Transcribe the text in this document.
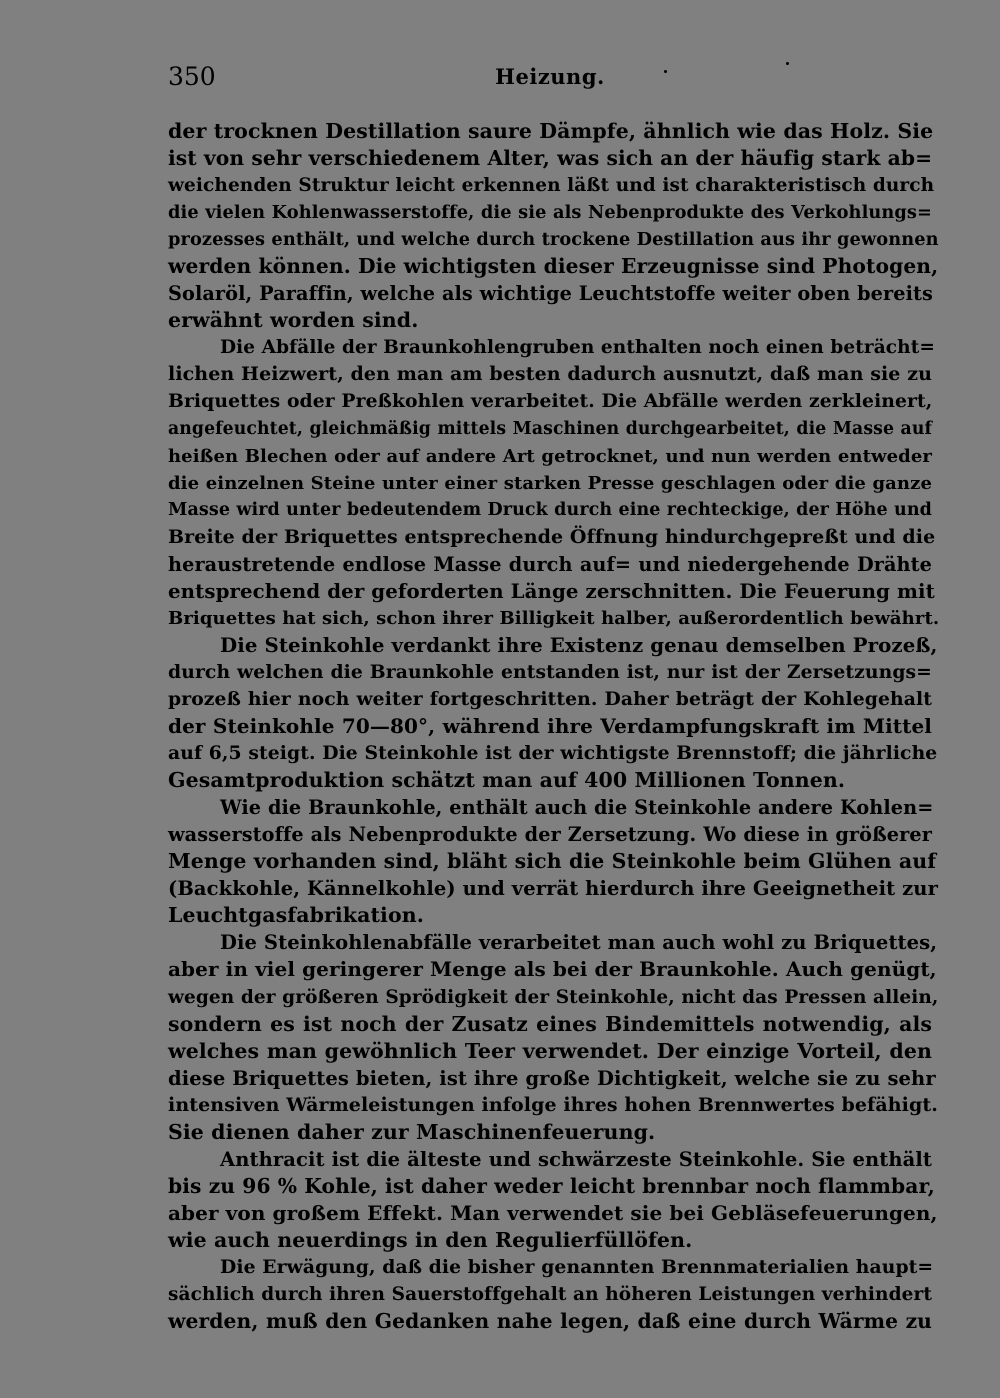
350	Heizung.
der trocknen Destillation saure Dämpfe, ähnlich wie das Holz. Sie
ist von sehr verschiedenem Alter, was sich an der häufig stark ab=
weichenden Struktur leicht erkennen läßt und ist charakteristisch durch
die vielen Kohlenwasserstoffe, die sie als Nebenprodukte des Verkohlungs=
prozesses enthält, und welche durch trockene Destillation aus ihr gewonnen
werden können. Die wichtigsten dieser Erzeugnisse sind Photogen,
Solaröl, Paraffin, welche als wichtige Leuchtstoffe weiter oben bereits
erwähnt worden sind.
Die Abfälle der Braunkohlengruben enthalten noch einen beträcht=
lichen Heizwert, den man am besten dadurch ausnutzt, daß man sie zu
Briquettes oder Preßkohlen verarbeitet. Die Abfälle werden zerkleinert,
angefeuchtet, gleichmäßig mittels Maschinen durchgearbeitet, die Masse auf
heißen Blechen oder auf andere Art getrocknet, und nun werden entweder
die einzelnen Steine unter einer starken Presse geschlagen oder die ganze
Masse wird unter bedeutendem Druck durch eine rechteckige, der Höhe und
Breite der Briquettes entsprechende Öffnung hindurchgepreßt und die
heraustretende endlose Masse durch auf= und niedergehende Drähte
entsprechend der geforderten Länge zerschnitten. Die Feuerung mit
Briquettes hat sich, schon ihrer Billigkeit halber, außerordentlich bewährt.
Die Steinkohle verdankt ihre Existenz genau demselben Prozeß,
durch welchen die Braunkohle entstanden ist, nur ist der Zersetzungs=
prozeß hier noch weiter fortgeschritten. Daher beträgt der Kohlegehalt
der Steinkohle 70—80°, während ihre Verdampfungskraft im Mittel
auf 6,5 steigt. Die Steinkohle ist der wichtigste Brennstoff; die jährliche
Gesamtproduktion schätzt man auf 400 Millionen Tonnen.
Wie die Braunkohle, enthält auch die Steinkohle andere Kohlen=
wasserstoffe als Nebenprodukte der Zersetzung. Wo diese in größerer
Menge vorhanden sind, bläht sich die Steinkohle beim Glühen auf
(Backkohle, Kännelkohle) und verrät hierdurch ihre Geeignetheit zur
Leuchtgasfabrikation.
Die Steinkohlenabfälle verarbeitet man auch wohl zu Briquettes,
aber in viel geringerer Menge als bei der Braunkohle. Auch genügt,
wegen der größeren Sprödigkeit der Steinkohle, nicht das Pressen allein,
sondern es ist noch der Zusatz eines Bindemittels notwendig, als
welches man gewöhnlich Teer verwendet. Der einzige Vorteil, den
diese Briquettes bieten, ist ihre große Dichtigkeit, welche sie zu sehr
intensiven Wärmeleistungen infolge ihres hohen Brennwertes befähigt.
Sie dienen daher zur Maschinenfeuerung.
Anthracit ist die älteste und schwärzeste Steinkohle. Sie enthält
bis zu 96 % Kohle, ist daher weder leicht brennbar noch flammbar,
aber von großem Effekt. Man verwendet sie bei Gebläsefeuerungen,
wie auch neuerdings in den Regulierfüllöfen.
Die Erwägung, daß die bisher genannten Brennmaterialien haupt=
sächlich durch ihren Sauerstoffgehalt an höheren Leistungen verhindert
werden, muß den Gedanken nahe legen, daß eine durch Wärme zu
